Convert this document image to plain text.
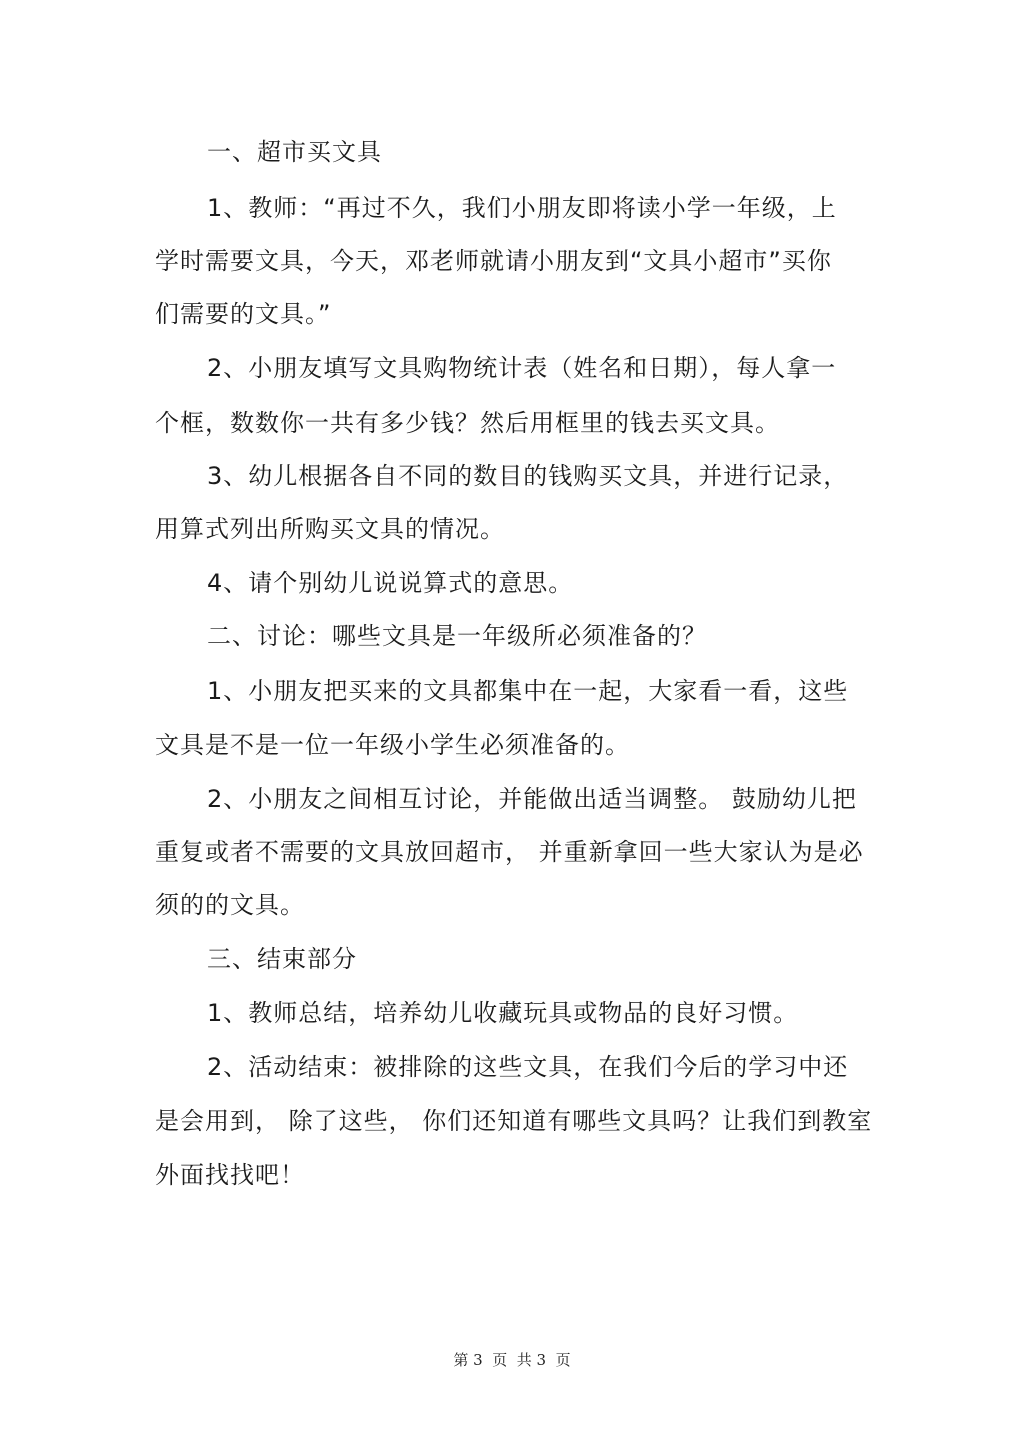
一、超市买文具
1、教师：“再过不久，我们小朋友即将读小学一年级，上
学时需要文具，今天，邓老师就请小朋友到“文具小超市”买你
们需要的文具。”
2、小朋友填写文具购物统计表（姓名和日期），每人拿一
个框，数数你一共有多少钱？然后用框里的钱去买文具。
3、幼儿根据各自不同的数目的钱购买文具，并进行记录，
用算式列出所购买文具的情况。
4、请个别幼儿说说算式的意思。
二、讨论：哪些文具是一年级所必须准备的？
1、小朋友把买来的文具都集中在一起，大家看一看，这些
文具是不是一位一年级小学生必须准备的。
2、小朋友之间相互讨论，并能做出适当调整。 鼓励幼儿把
重复或者不需要的文具放回超市， 并重新拿回一些大家认为是必
须的的文具。
三、结束部分
1、教师总结，培养幼儿收藏玩具或物品的良好习惯。
2、活动结束：被排除的这些文具，在我们今后的学习中还
是会用到， 除了这些， 你们还知道有哪些文具吗？让我们到教室
外面找找吧！
第 3  页  共 3  页
